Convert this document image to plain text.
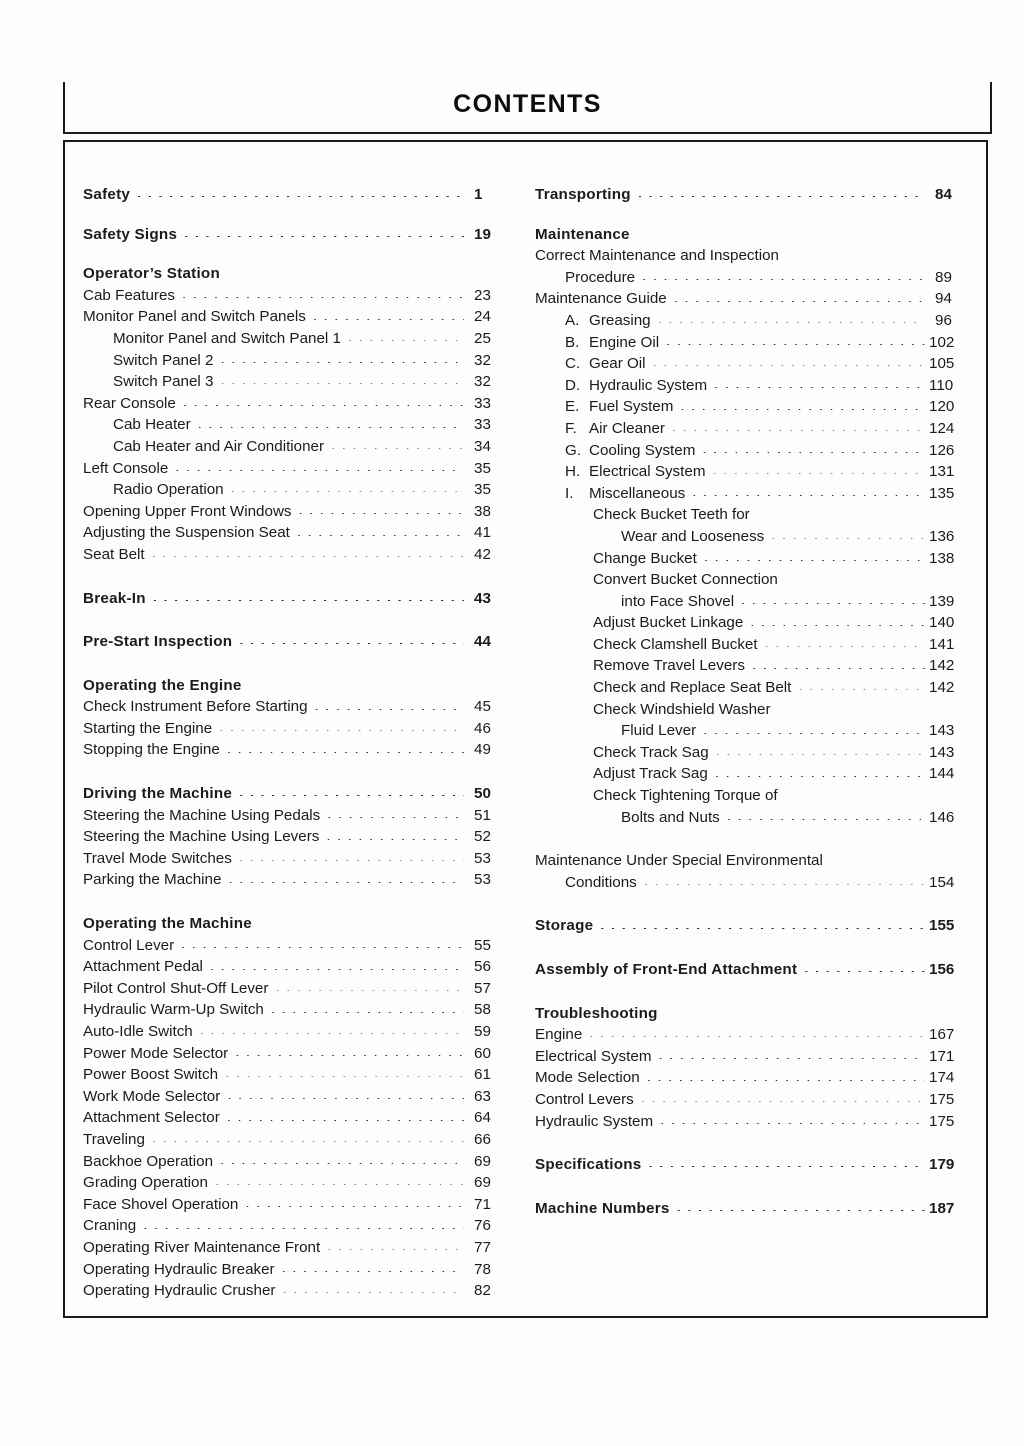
CONTENTS
Safety . . .	1
Safety Signs . . .	19
Operator’s Station
Cab Features . . .	23
Monitor Panel and Switch Panels . . .	24
Monitor Panel and Switch Panel 1 . . .	25
Switch Panel 2 . . .	32
Switch Panel 3 . . .	32
Rear Console . . .	33
Cab Heater . . .	33
Cab Heater and Air Conditioner . . .	34
Left Console . . .	35
Radio Operation . . .	35
Opening Upper Front Windows . . .	38
Adjusting the Suspension Seat . . .	41
Seat Belt . . .	42
Break-In . . .	43
Pre-Start Inspection . . .	44
Operating the Engine
Check Instrument Before Starting . . .	45
Starting the Engine . . .	46
Stopping the Engine . . .	49
Driving the Machine . . .	50
Steering the Machine Using Pedals . . .	51
Steering the Machine Using Levers . . .	52
Travel Mode Switches . . .	53
Parking the Machine . . .	53
Operating the Machine
Control Lever . . .	55
Attachment Pedal . . .	56
Pilot Control Shut-Off Lever . . .	57
Hydraulic Warm-Up Switch . . .	58
Auto-Idle Switch . . .	59
Power Mode Selector . . .	60
Power Boost Switch . . .	61
Work Mode Selector . . .	63
Attachment Selector . . .	64
Traveling . . .	66
Backhoe Operation . . .	69
Grading Operation . . .	69
Face Shovel Operation . . .	71
Craning . . .	76
Operating River Maintenance Front . . .	77
Operating Hydraulic Breaker . . .	78
Operating Hydraulic Crusher . . .	82
Transporting . . .	84
Maintenance
Correct Maintenance and Inspection
Procedure . . .	89
Maintenance Guide . . .	94
A. Greasing . . .	96
B. Engine Oil . . .	102
C. Gear Oil . . .	105
D. Hydraulic System . . .	110
E. Fuel System . . .	120
F. Air Cleaner . . .	124
G. Cooling System . . .	126
H. Electrical System . . .	131
I.	Miscellaneous . . .	135
Check Bucket Teeth for
Wear and Looseness . . .	136
Change Bucket . . .	138
Convert Bucket Connection
into Face Shovel . . .	139
Adjust Bucket Linkage . . .	140
Check Clamshell Bucket . . .	141
Remove Travel Levers . . .	142
Check and Replace Seat Belt . . .	142
Check Windshield Washer
Fluid Lever . . .	143
Check Track Sag . . .	143
Adjust Track Sag . . .	144
Check Tightening Torque of
Bolts and Nuts . . .	146
Maintenance Under Special Environmental
Conditions . . .	154
Storage . . .	155
Assembly of Front-End Attachment . . .	156
Troubleshooting
Engine . . .	167
Electrical System . . .	171
Mode Selection . . .	174
Control Levers . . .	175
Hydraulic System . . .	175
Specifications . . .	179
Machine Numbers . . .	187
